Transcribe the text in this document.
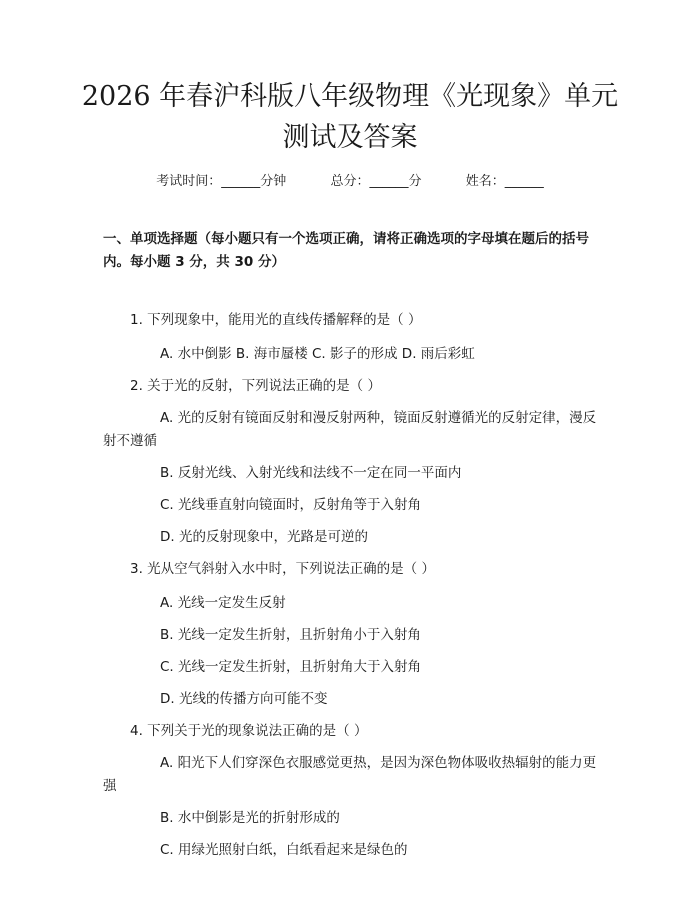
2026 年春沪科版八年级物理《光现象》单元
测试及答案
考试时间：______分钟	总分：______分	姓名：______
一、单项选择题（每小题只有一个选项正确，请将正确选项的字母填在题后的括号内。每小题 3 分，共 30 分）
1. 下列现象中，能用光的直线传播解释的是（ ）
A. 水中倒影 B. 海市蜃楼 C. 影子的形成 D. 雨后彩虹
2. 关于光的反射，下列说法正确的是（ ）
A. 光的反射有镜面反射和漫反射两种，镜面反射遵循光的反射定律，漫反射不遵循
B. 反射光线、入射光线和法线不一定在同一平面内
C. 光线垂直射向镜面时，反射角等于入射角
D. 光的反射现象中，光路是可逆的
3. 光从空气斜射入水中时，下列说法正确的是（ ）
A. 光线一定发生反射
B. 光线一定发生折射，且折射角小于入射角
C. 光线一定发生折射，且折射角大于入射角
D. 光线的传播方向可能不变
4. 下列关于光的现象说法正确的是（ ）
A. 阳光下人们穿深色衣服感觉更热，是因为深色物体吸收热辐射的能力更强
B. 水中倒影是光的折射形成的
C. 用绿光照射白纸，白纸看起来是绿色的
